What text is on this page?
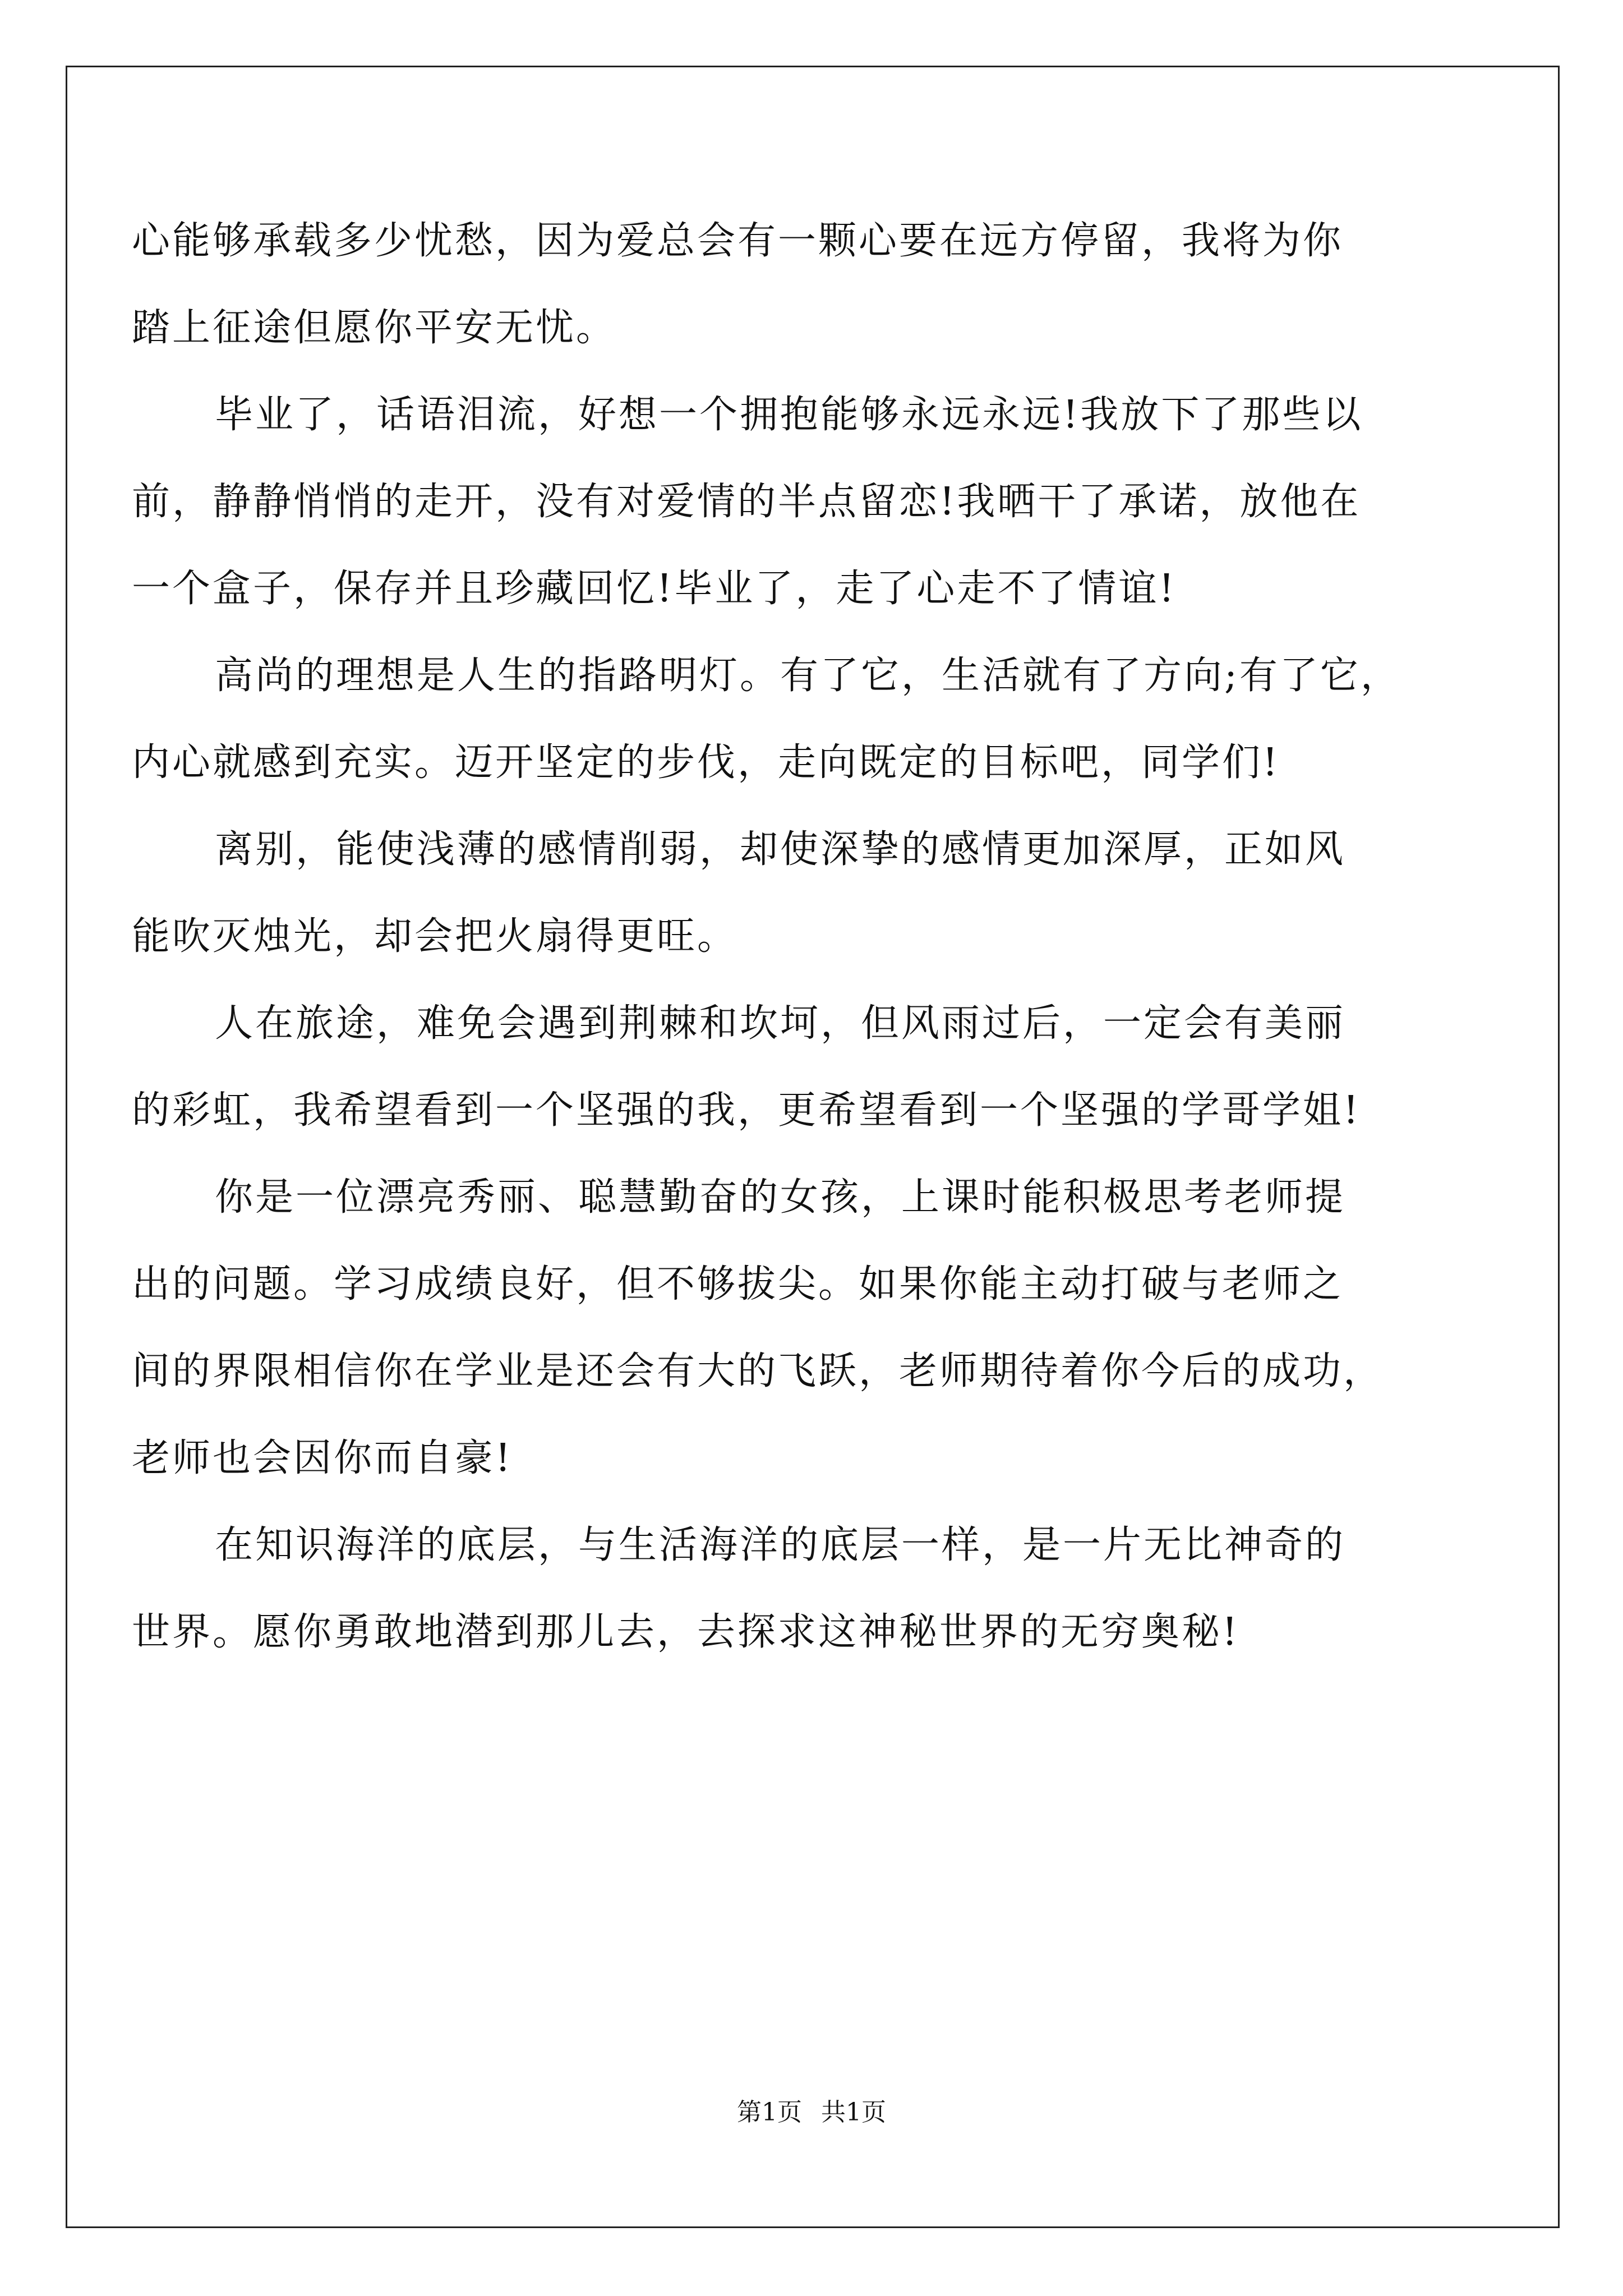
心能够承载多少忧愁，因为爱总会有一颗心要在远方停留，我将为你
踏上征途但愿你平安无忧。
毕业了，话语泪流，好想一个拥抱能够永远永远!我放下了那些以
前，静静悄悄的走开，没有对爱情的半点留恋!我晒干了承诺，放他在
一个盒子，保存并且珍藏回忆!毕业了，走了心走不了情谊!
高尚的理想是人生的指路明灯。有了它，生活就有了方向;有了它，
内心就感到充实。迈开坚定的步伐，走向既定的目标吧，同学们!
离别，能使浅薄的感情削弱，却使深挚的感情更加深厚，正如风
能吹灭烛光，却会把火扇得更旺。
人在旅途，难免会遇到荆棘和坎坷，但风雨过后，一定会有美丽
的彩虹，我希望看到一个坚强的我，更希望看到一个坚强的学哥学姐!
你是一位漂亮秀丽、聪慧勤奋的女孩，上课时能积极思考老师提
出的问题。学习成绩良好，但不够拔尖。如果你能主动打破与老师之
间的界限相信你在学业是还会有大的飞跃，老师期待着你今后的成功，
老师也会因你而自豪!
在知识海洋的底层，与生活海洋的底层一样，是一片无比神奇的
世界。愿你勇敢地潜到那儿去，去探求这神秘世界的无穷奥秘!
第1页 共1页
